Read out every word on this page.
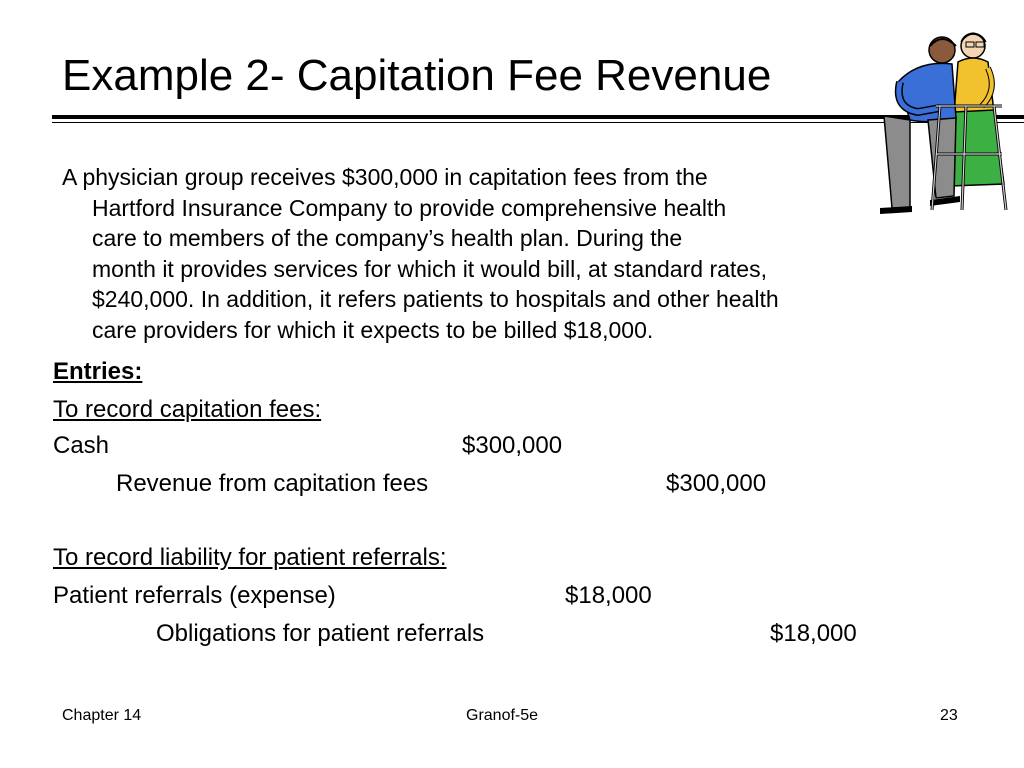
Example 2- Capitation Fee Revenue
A physician group receives $300,000 in capitation fees from the
Hartford Insurance Company to provide comprehensive health
care to members of the company’s health plan. During the
month it provides services for which it would bill, at standard rates,
$240,000. In addition, it refers patients to hospitals and other health
care providers for which it expects to be billed $18,000.
Entries:
To record capitation fees:
Cash	$300,000
Revenue from capitation fees	$300,000
To record liability for patient referrals:
Patient referrals (expense)	$18,000
Obligations for patient referrals	$18,000
Chapter 14	Granof-5e	23
